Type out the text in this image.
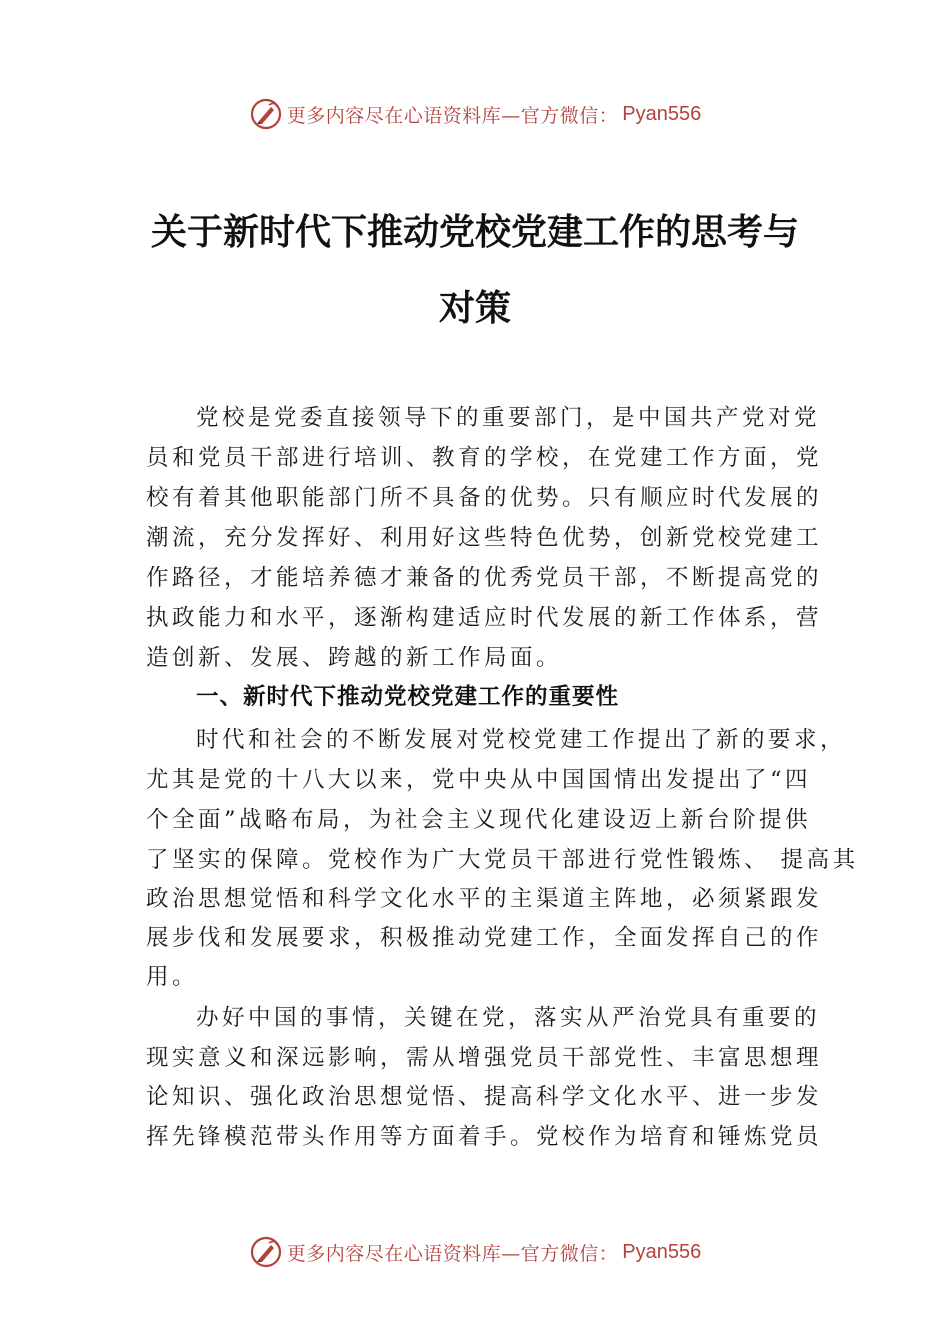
更多内容尽在心语资料库—官方微信： Pyan556
关于新时代下推动党校党建工作的思考与
对策
党校是党委直接领导下的重要部门，是中国共产党对党
员和党员干部进行培训、教育的学校，在党建工作方面，党
校有着其他职能部门所不具备的优势。只有顺应时代发展的
潮流，充分发挥好、利用好这些特色优势，创新党校党建工
作路径，才能培养德才兼备的优秀党员干部，不断提高党的
执政能力和水平，逐渐构建适应时代发展的新工作体系，营
造创新、发展、跨越的新工作局面。
一、新时代下推动党校党建工作的重要性
时代和社会的不断发展对党校党建工作提出了新的要求，
尤其是党的十八大以来，党中央从中国国情出发提出了“四
个全面”战略布局，为社会主义现代化建设迈上新台阶提供
了坚实的保障。党校作为广大党员干部进行党性锻炼、 提高其
政治思想觉悟和科学文化水平的主渠道主阵地，必须紧跟发
展步伐和发展要求，积极推动党建工作，全面发挥自己的作
用。
办好中国的事情，关键在党，落实从严治党具有重要的
现实意义和深远影响，需从增强党员干部党性、丰富思想理
论知识、强化政治思想觉悟、提高科学文化水平、进一步发
挥先锋模范带头作用等方面着手。党校作为培育和锤炼党员
更多内容尽在心语资料库—官方微信： Pyan556
